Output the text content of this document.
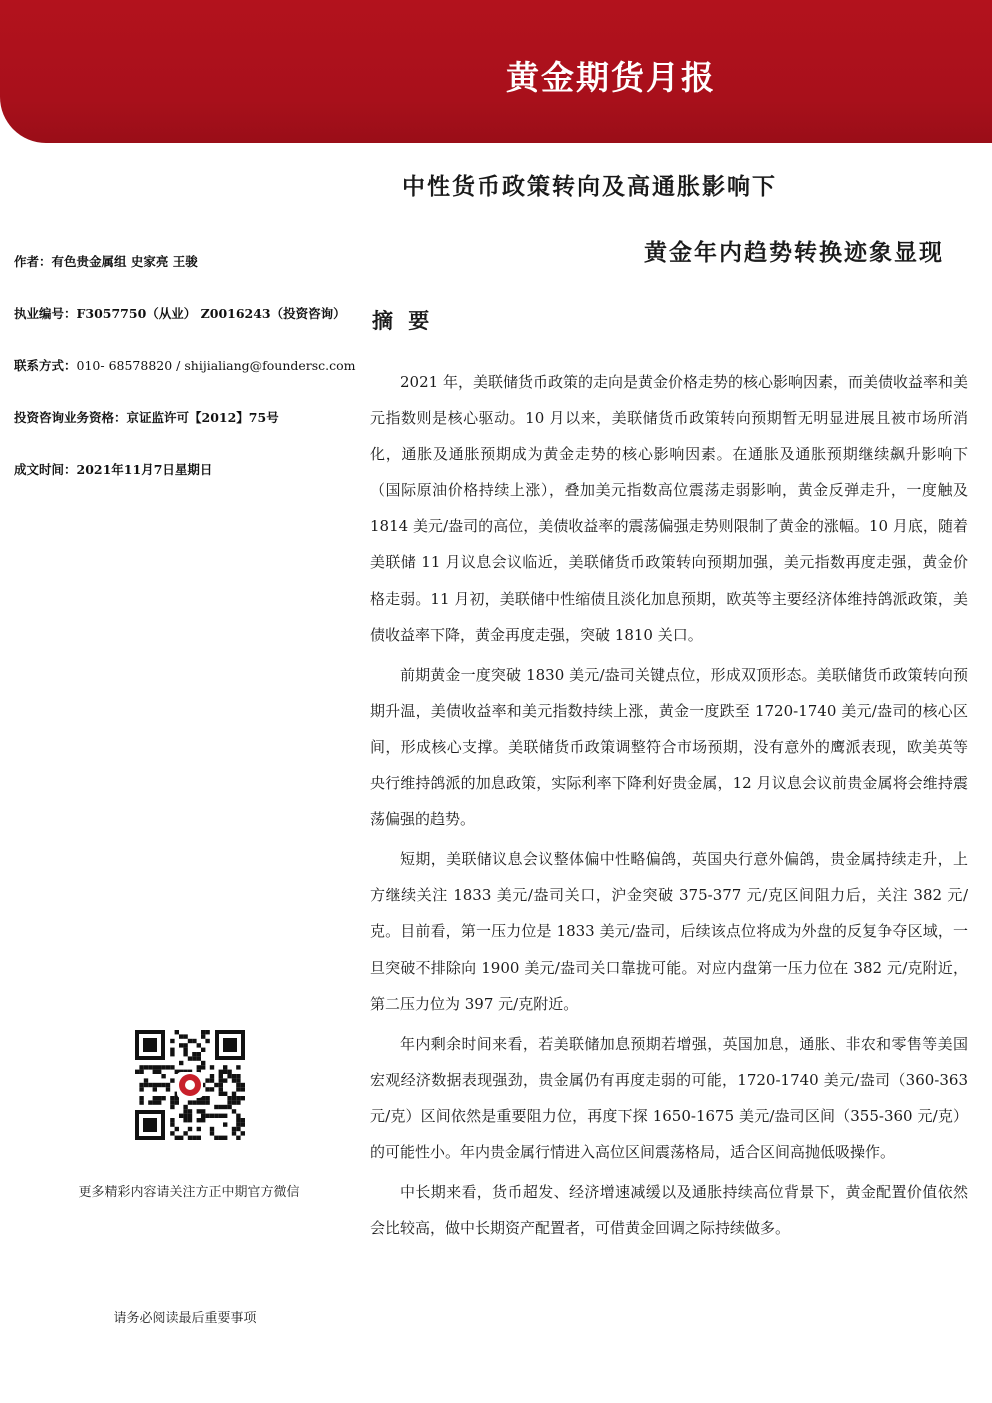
黄金期货月报
中性货币政策转向及高通胀影响下
黄金年内趋势转换迹象显现
作者：有色贵金属组 史家亮 王骏
执业编号：F3057750（从业） Z0016243（投资咨询）
联系方式：010- 68578820 / shijialiang@foundersc.com
投资咨询业务资格：京证监许可【2012】75号
成文时间：2021年11月7日星期日
更多精彩内容请关注方正中期官方微信
请务必阅读最后重要事项
摘 要

2021 年，美联储货币政策的走向是黄金价格走势的核心影响因素，而美债收益率和美元指数则是核心驱动。10 月以来，美联储货币政策转向预期暂无明显进展且被市场所消化，通胀及通胀预期成为黄金走势的核心影响因素。在通胀及通胀预期继续飙升影响下（国际原油价格持续上涨），叠加美元指数高位震荡走弱影响，黄金反弹走升，一度触及 1814 美元/盎司的高位，美债收益率的震荡偏强走势则限制了黄金的涨幅。10 月底，随着美联储 11 月议息会议临近，美联储货币政策转向预期加强，美元指数再度走强，黄金价格走弱。11 月初，美联储中性缩债且淡化加息预期，欧英等主要经济体维持鸽派政策，美债收益率下降，黄金再度走强，突破 1810 关口。

前期黄金一度突破 1830 美元/盎司关键点位，形成双顶形态。美联储货币政策转向预期升温，美债收益率和美元指数持续上涨，黄金一度跌至 1720-1740 美元/盎司的核心区间，形成核心支撑。美联储货币政策调整符合市场预期，没有意外的鹰派表现，欧美英等央行维持鸽派的加息政策，实际利率下降利好贵金属，12 月议息会议前贵金属将会维持震荡偏强的趋势。

短期，美联储议息会议整体偏中性略偏鸽，英国央行意外偏鸽，贵金属持续走升，上方继续关注 1833 美元/盎司关口，沪金突破 375-377 元/克区间阻力后，关注 382 元/克。目前看，第一压力位是 1833 美元/盎司，后续该点位将成为外盘的反复争夺区域，一旦突破不排除向 1900 美元/盎司关口靠拢可能。对应内盘第一压力位在 382 元/克附近，第二压力位为 397 元/克附近。

年内剩余时间来看，若美联储加息预期若增强，英国加息，通胀、非农和零售等美国宏观经济数据表现强劲，贵金属仍有再度走弱的可能，1720-1740 美元/盎司（360-363 元/克）区间依然是重要阻力位，再度下探 1650-1675 美元/盎司区间（355-360 元/克）的可能性小。年内贵金属行情进入高位区间震荡格局，适合区间高抛低吸操作。

中长期来看，货币超发、经济增速减缓以及通胀持续高位背景下，黄金配置价值依然会比较高，做中长期资产配置者，可借黄金回调之际持续做多。
